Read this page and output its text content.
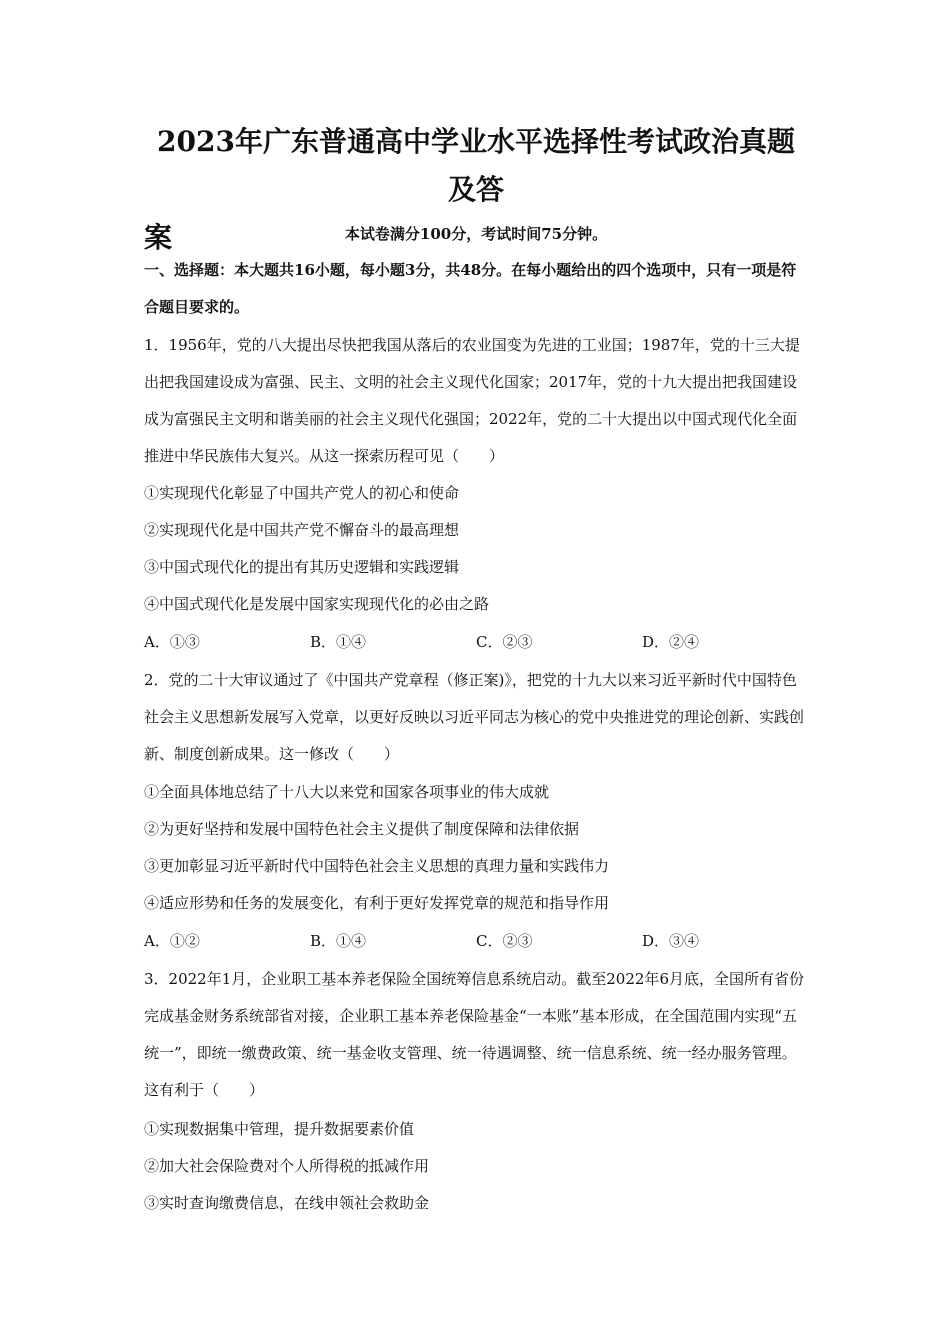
2023年广东普通高中学业水平选择性考试政治真题及答
案	本试卷满分100分，考试时间75分钟。

一、选择题：本大题共16小题，每小题3分，共48分。在每小题给出的四个选项中，只有一项是符合题目要求的。

1．1956年，党的八大提出尽快把我国从落后的农业国变为先进的工业国；1987年，党的十三大提出把我国建设成为富强、民主、文明的社会主义现代化国家；2017年，党的十九大提出把我国建设成为富强民主文明和谐美丽的社会主义现代化强国；2022年，党的二十大提出以中国式现代化全面推进中华民族伟大复兴。从这一探索历程可见（　　）

①实现现代化彰显了中国共产党人的初心和使命
②实现现代化是中国共产党不懈奋斗的最高理想
③中国式现代化的提出有其历史逻辑和实践逻辑
④中国式现代化是发展中国家实现现代化的必由之路
A．①③	B．①④	C．②③	D．②④

2．党的二十大审议通过了《中国共产党章程（修正案)》，把党的十九大以来习近平新时代中国特色社会主义思想新发展写入党章，以更好反映以习近平同志为核心的党中央推进党的理论创新、实践创新、制度创新成果。这一修改（　　）

①全面具体地总结了十八大以来党和国家各项事业的伟大成就
②为更好坚持和发展中国特色社会主义提供了制度保障和法律依据
③更加彰显习近平新时代中国特色社会主义思想的真理力量和实践伟力
④适应形势和任务的发展变化，有利于更好发挥党章的规范和指导作用
A．①②	B．①④	C．②③	D．③④

3．2022年1月，企业职工基本养老保险全国统筹信息系统启动。截至2022年6月底，全国所有省份完成基金财务系统部省对接，企业职工基本养老保险基金“一本账”基本形成，在全国范围内实现“五统一”，即统一缴费政策、统一基金收支管理、统一待遇调整、统一信息系统、统一经办服务管理。这有利于（　　）

①实现数据集中管理，提升数据要素价值
②加大社会保险费对个人所得税的抵减作用
③实时查询缴费信息，在线申领社会救助金
